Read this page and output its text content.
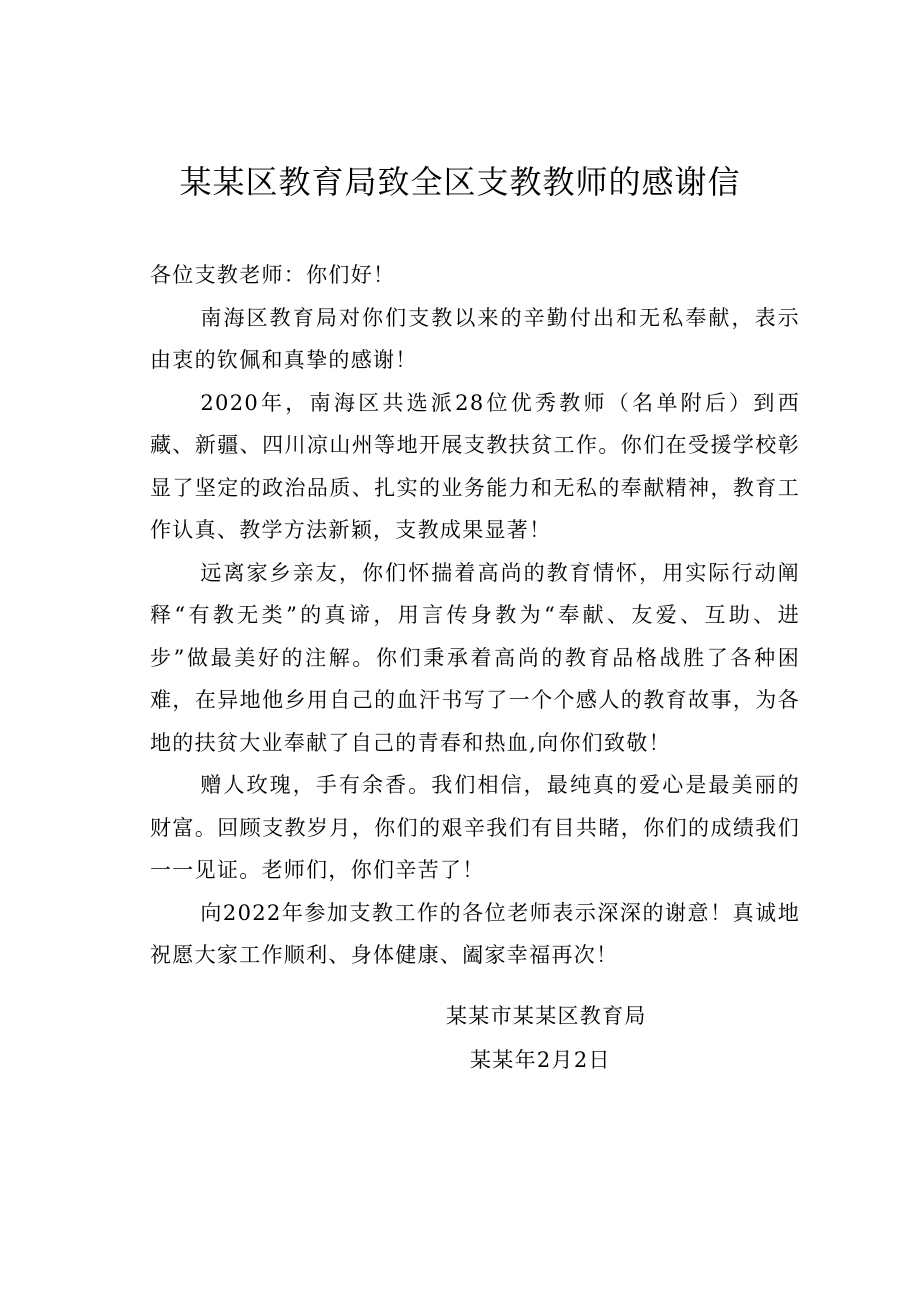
某某区教育局致全区支教教师的感谢信

各位支教老师：你们好！

南海区教育局对你们支教以来的辛勤付出和无私奉献，表示由衷的钦佩和真挚的感谢！

2020年，南海区共选派28位优秀教师（名单附后）到西藏、新疆、四川凉山州等地开展支教扶贫工作。你们在受援学校彰显了坚定的政治品质、扎实的业务能力和无私的奉献精神，教育工作认真、教学方法新颖，支教成果显著！

远离家乡亲友，你们怀揣着高尚的教育情怀，用实际行动阐释“有教无类”的真谛，用言传身教为“奉献、友爱、互助、进步”做最美好的注解。你们秉承着高尚的教育品格战胜了各种困难，在异地他乡用自己的血汗书写了一个个感人的教育故事，为各地的扶贫大业奉献了自己的青春和热血,向你们致敬！

赠人玫瑰，手有余香。我们相信，最纯真的爱心是最美丽的财富。回顾支教岁月，你们的艰辛我们有目共睹，你们的成绩我们一一见证。老师们，你们辛苦了！

向2022年参加支教工作的各位老师表示深深的谢意！真诚地祝愿大家工作顺利、身体健康、阖家幸福再次！

某某市某某区教育局
某某年2月2日
